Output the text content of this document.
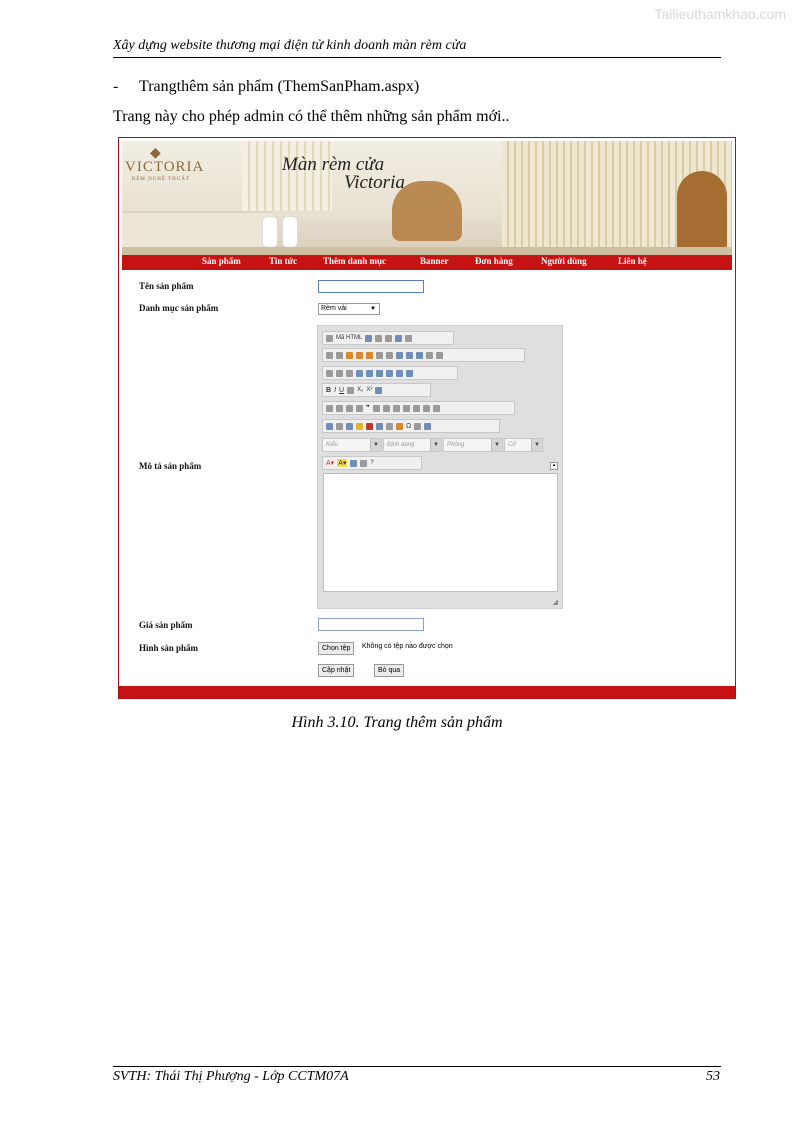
Tailieuthamkhao.com
Xây dựng website thương mại điện tử kinh doanh màn rèm cửa
- Trangthêm sản phẩm (ThemSanPham.aspx)
Trang này cho phép admin có thể thêm những sản phẩm mới..
◆
VICTORIA
RÈM NGHỆ THUẬT
Màn rèm cửa
Victoria
Sản phẩm	Tin tức	Thêm danh mục	Banner	Đơn hàng	Người dùng	Liên hệ
Tên sản phẩm
Danh mục sản phẩm	Rèm vải	▼
Mô tả sản phẩm
Mã HTML
B I U X₂ X²
❞
Ω
Kiểu	▼	Định dạng	▼	Phông	▼	Cỡ	▼
A▾ A▾	?	▴
◢
Giá sản phẩm
Hình sản phẩm	Chọn tệp	Không có tệp nào được chọn
Cập nhật	Bỏ qua
Hình 3.10. Trang thêm sản phẩm
SVTH: Thái Thị Phượng - Lớp CCTM07A	53
